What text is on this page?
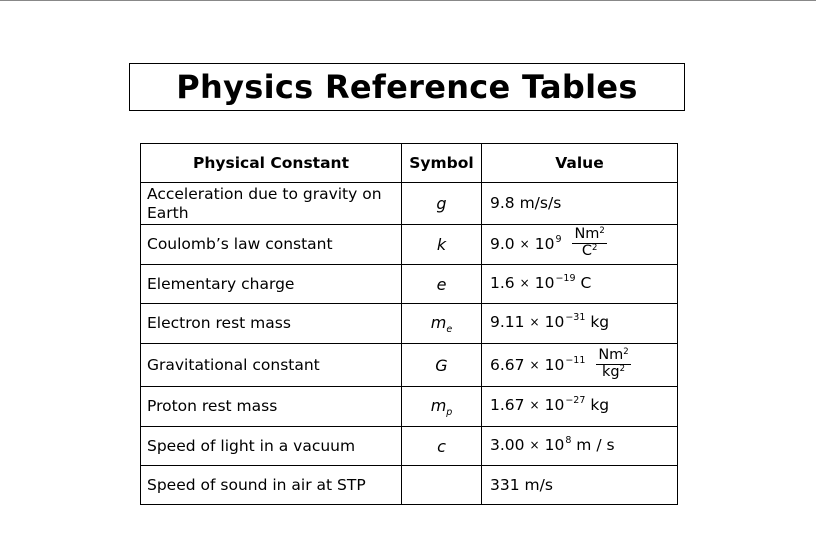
Physics Reference Tables
Physical Constant	Symbol	Value
Acceleration due to gravity on Earth	g	9.8 m/s/s
Coulomb’s law constant	k	$9.0 \times 10^9 \frac{Nm^2}{C^2}$

Elementary charge	e	$1.6 \times 10^{-19}$ C
Electron rest mass	$m_e$	$9.11 \times 10^{-31}$ kg
Gravitational constant	G	$6.67 \times 10^{-11} \frac{Nm^2}{kg^2}$

Proton rest mass	$m_p$	$1.67 \times 10^{-27}$ kg
Speed of light in a vacuum	c	$3.00 \times 10^8$ m / s
Speed of sound in air at STP		331 m/s
